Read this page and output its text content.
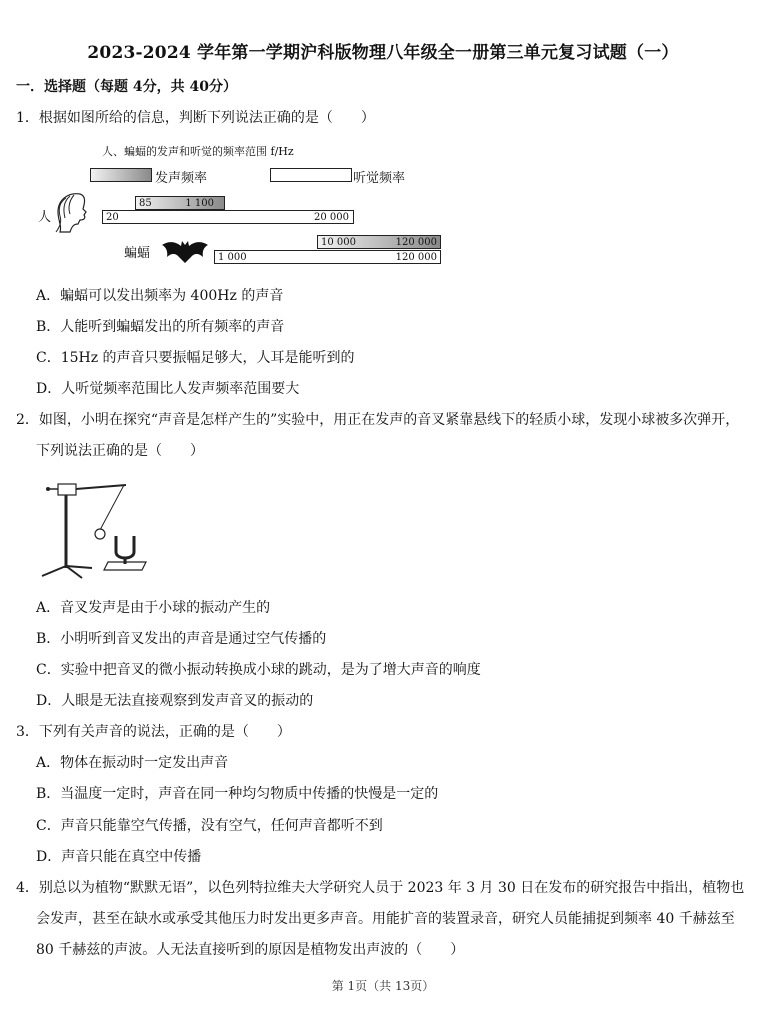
2023-2024 学年第一学期沪科版物理八年级全一册第三单元复习试题（一）
一．选择题（每题 4分，共 40分）
1．根据如图所给的信息，判断下列说法正确的是（　　）
人、蝙蝠的发声和听觉的频率范围 f/Hz
发声频率	听觉频率
人
85	1 100
20	20 000
蝙蝠
10 000	120 000
1 000	120 000
A．蝙蝠可以发出频率为 400Hz 的声音
B．人能听到蝙蝠发出的所有频率的声音
C．15Hz 的声音只要振幅足够大，人耳是能听到的
D．人听觉频率范围比人发声频率范围要大
2．如图，小明在探究“声音是怎样产生的”实验中，用正在发声的音叉紧靠悬线下的轻质小球，发现小球被多次弹开，
下列说法正确的是（　　）
A．音叉发声是由于小球的振动产生的
B．小明听到音叉发出的声音是通过空气传播的
C．实验中把音叉的微小振动转换成小球的跳动，是为了增大声音的响度
D．人眼是无法直接观察到发声音叉的振动的
3．下列有关声音的说法，正确的是（　　）
A．物体在振动时一定发出声音
B．当温度一定时，声音在同一种均匀物质中传播的快慢是一定的
C．声音只能靠空气传播，没有空气，任何声音都听不到
D．声音只能在真空中传播
4．别总以为植物“默默无语”，以色列特拉维夫大学研究人员于 2023 年 3 月 30 日在发布的研究报告中指出，植物也
会发声，甚至在缺水或承受其他压力时发出更多声音。用能扩音的装置录音，研究人员能捕捉到频率 40 千赫兹至
80 千赫兹的声波。人无法直接听到的原因是植物发出声波的（　　）
第 1页（共 13页）
